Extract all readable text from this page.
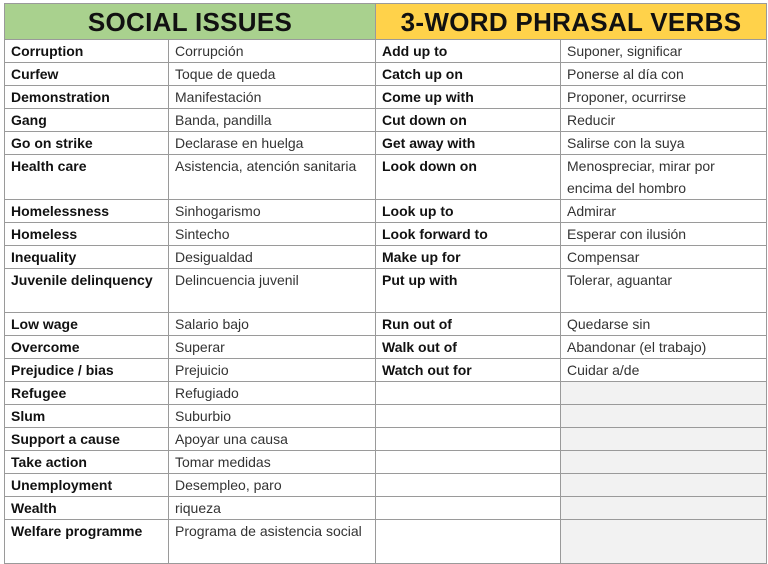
SOCIAL ISSUES		3-WORD PHRASAL VERBS	
Corruption	Corrupción	Add up to	Suponer, significar
Curfew	Toque de queda	Catch up on	Ponerse al día con
Demonstration	Manifestación	Come up with	Proponer, ocurrirse
Gang	Banda, pandilla	Cut down on	Reducir
Go on strike	Declarase en huelga	Get away with	Salirse con la suya
Health care	Asistencia, atención sanitaria	Look down on	Menospreciar, mirar por encima del hombro
Homelessness	Sinhogarismo	Look up to	Admirar
Homeless	Sintecho	Look forward to	Esperar con ilusión
Inequality	Desigualdad	Make up for	Compensar
Juvenile delinquency	Delincuencia juvenil	Put up with	Tolerar, aguantar
Low wage	Salario bajo	Run out of	Quedarse sin
Overcome	Superar	Walk out of	Abandonar (el trabajo)
Prejudice / bias	Prejuicio	Watch out for	Cuidar a/de
Refugee	Refugiado		
Slum	Suburbio		
Support a cause	Apoyar una causa		
Take action	Tomar medidas		
Unemployment	Desempleo, paro		
Wealth	riqueza		
Welfare programme	Programa de asistencia social		
